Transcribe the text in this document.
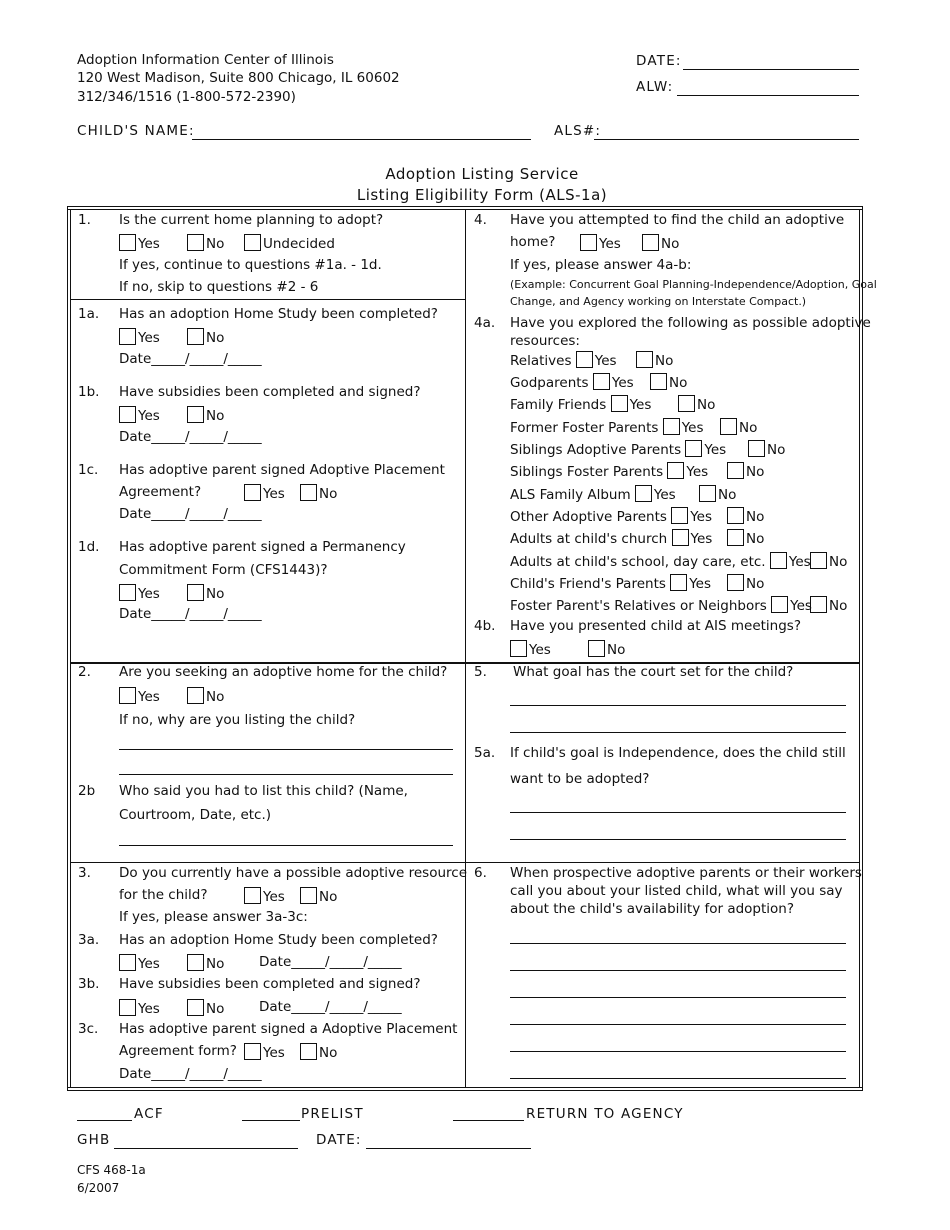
Adoption Information Center of Illinois
120 West Madison, Suite 800 Chicago, IL 60602
312/346/1516 (1-800-572-2390)
DATE:
ALW:
CHILD'S NAME:	ALS#:
Adoption Listing Service
Listing Eligibility Form (ALS-1a)
1. Is the current home planning to adopt?
Yes	No	Undecided
If yes, continue to questions #1a. - 1d.
If no, skip to questions #2 - 6
1a. Has an adoption Home Study been completed?
Yes	No
Date_____/_____/_____
1b. Have subsidies been completed and signed?
Yes	No
Date_____/_____/_____
1c. Has adoptive parent signed Adoptive Placement
Agreement?	Yes	No
Date_____/_____/_____
1d. Has adoptive parent signed a Permanency
Commitment Form (CFS1443)?
Yes	No
Date_____/_____/_____
2. Are you seeking an adoptive home for the child?
Yes	No
If no, why are you listing the child?
2b Who said you had to list this child? (Name,
Courtroom, Date, etc.)
3. Do you currently have a possible adoptive resource
for the child?	Yes	No
If yes, please answer 3a-3c:
3a. Has an adoption Home Study been completed?
Yes	No	Date_____/_____/_____
3b. Have subsidies been completed and signed?
Yes	No	Date_____/_____/_____
3c. Has adoptive parent signed a Adoptive Placement
Agreement form?	Yes	No
Date_____/_____/_____
4. Have you attempted to find the child an adoptive
home?	Yes	No
If yes, please answer 4a-b:
(Example: Concurrent Goal Planning-Independence/Adoption, Goal
Change, and Agency working on Interstate Compact.)
4a. Have you explored the following as possible adoptive
resources:
Relatives Yes	No
Godparents Yes	No
Family Friends Yes	No
Former Foster Parents Yes	No
Siblings Adoptive Parents Yes	No
Siblings Foster Parents Yes	No
ALS Family Album Yes	No
Other Adoptive Parents Yes	No
Adults at child's church Yes	No
Adults at child's school, day care, etc. Yes	No
Child's Friend's Parents Yes	No
Foster Parent's Relatives or Neighbors Yes	No
4b. Have you presented child at AIS meetings?
Yes	No
5. What goal has the court set for the child?
5a. If child's goal is Independence, does the child still
want to be adopted?
6. When prospective adoptive parents or their workers
call you about your listed child, what will you say
about the child's availability for adoption?
ACF	PRELIST	RETURN TO AGENCY
GHB	DATE:
CFS 468-1a
6/2007
